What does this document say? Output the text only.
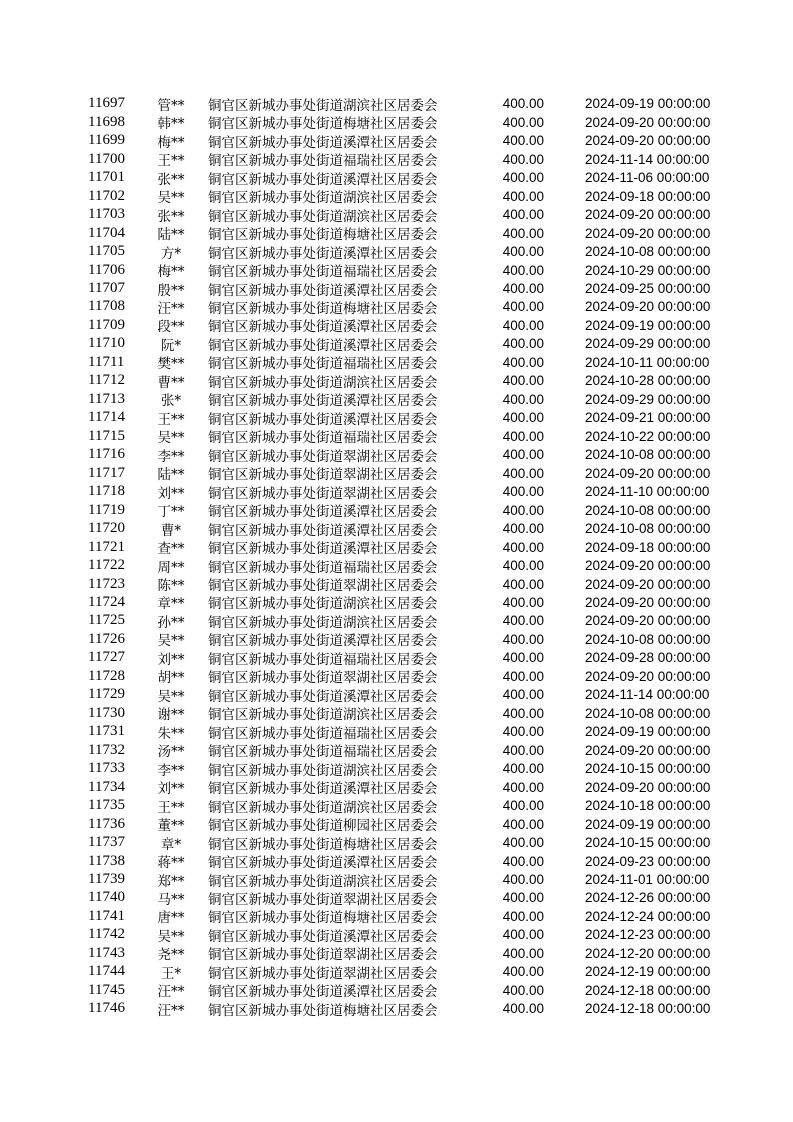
11697	管**	铜官区新城办事处街道湖滨社区居委会	400.00	2024-09-19 00:00:00
11698	韩**	铜官区新城办事处街道梅塘社区居委会	400.00	2024-09-20 00:00:00
11699	梅**	铜官区新城办事处街道溪潭社区居委会	400.00	2024-09-20 00:00:00
11700	王**	铜官区新城办事处街道福瑞社区居委会	400.00	2024-11-14 00:00:00
11701	张**	铜官区新城办事处街道溪潭社区居委会	400.00	2024-11-06 00:00:00
11702	吴**	铜官区新城办事处街道湖滨社区居委会	400.00	2024-09-18 00:00:00
11703	张**	铜官区新城办事处街道湖滨社区居委会	400.00	2024-09-20 00:00:00
11704	陆**	铜官区新城办事处街道梅塘社区居委会	400.00	2024-09-20 00:00:00
11705	方*	铜官区新城办事处街道溪潭社区居委会	400.00	2024-10-08 00:00:00
11706	梅**	铜官区新城办事处街道福瑞社区居委会	400.00	2024-10-29 00:00:00
11707	殷**	铜官区新城办事处街道溪潭社区居委会	400.00	2024-09-25 00:00:00
11708	汪**	铜官区新城办事处街道梅塘社区居委会	400.00	2024-09-20 00:00:00
11709	段**	铜官区新城办事处街道溪潭社区居委会	400.00	2024-09-19 00:00:00
11710	阮*	铜官区新城办事处街道溪潭社区居委会	400.00	2024-09-29 00:00:00
11711	樊**	铜官区新城办事处街道福瑞社区居委会	400.00	2024-10-11 00:00:00
11712	曹**	铜官区新城办事处街道湖滨社区居委会	400.00	2024-10-28 00:00:00
11713	张*	铜官区新城办事处街道溪潭社区居委会	400.00	2024-09-29 00:00:00
11714	王**	铜官区新城办事处街道溪潭社区居委会	400.00	2024-09-21 00:00:00
11715	吴**	铜官区新城办事处街道福瑞社区居委会	400.00	2024-10-22 00:00:00
11716	李**	铜官区新城办事处街道翠湖社区居委会	400.00	2024-10-08 00:00:00
11717	陆**	铜官区新城办事处街道翠湖社区居委会	400.00	2024-09-20 00:00:00
11718	刘**	铜官区新城办事处街道翠湖社区居委会	400.00	2024-11-10 00:00:00
11719	丁**	铜官区新城办事处街道溪潭社区居委会	400.00	2024-10-08 00:00:00
11720	曹*	铜官区新城办事处街道溪潭社区居委会	400.00	2024-10-08 00:00:00
11721	查**	铜官区新城办事处街道溪潭社区居委会	400.00	2024-09-18 00:00:00
11722	周**	铜官区新城办事处街道福瑞社区居委会	400.00	2024-09-20 00:00:00
11723	陈**	铜官区新城办事处街道翠湖社区居委会	400.00	2024-09-20 00:00:00
11724	章**	铜官区新城办事处街道湖滨社区居委会	400.00	2024-09-20 00:00:00
11725	孙**	铜官区新城办事处街道湖滨社区居委会	400.00	2024-09-20 00:00:00
11726	吴**	铜官区新城办事处街道溪潭社区居委会	400.00	2024-10-08 00:00:00
11727	刘**	铜官区新城办事处街道福瑞社区居委会	400.00	2024-09-28 00:00:00
11728	胡**	铜官区新城办事处街道翠湖社区居委会	400.00	2024-09-20 00:00:00
11729	吴**	铜官区新城办事处街道溪潭社区居委会	400.00	2024-11-14 00:00:00
11730	谢**	铜官区新城办事处街道湖滨社区居委会	400.00	2024-10-08 00:00:00
11731	朱**	铜官区新城办事处街道福瑞社区居委会	400.00	2024-09-19 00:00:00
11732	汤**	铜官区新城办事处街道福瑞社区居委会	400.00	2024-09-20 00:00:00
11733	李**	铜官区新城办事处街道湖滨社区居委会	400.00	2024-10-15 00:00:00
11734	刘**	铜官区新城办事处街道溪潭社区居委会	400.00	2024-09-20 00:00:00
11735	王**	铜官区新城办事处街道湖滨社区居委会	400.00	2024-10-18 00:00:00
11736	董**	铜官区新城办事处街道柳园社区居委会	400.00	2024-09-19 00:00:00
11737	章*	铜官区新城办事处街道梅塘社区居委会	400.00	2024-10-15 00:00:00
11738	蒋**	铜官区新城办事处街道溪潭社区居委会	400.00	2024-09-23 00:00:00
11739	郑**	铜官区新城办事处街道湖滨社区居委会	400.00	2024-11-01 00:00:00
11740	马**	铜官区新城办事处街道翠湖社区居委会	400.00	2024-12-26 00:00:00
11741	唐**	铜官区新城办事处街道梅塘社区居委会	400.00	2024-12-24 00:00:00
11742	吴**	铜官区新城办事处街道溪潭社区居委会	400.00	2024-12-23 00:00:00
11743	尧**	铜官区新城办事处街道翠湖社区居委会	400.00	2024-12-20 00:00:00
11744	王*	铜官区新城办事处街道翠湖社区居委会	400.00	2024-12-19 00:00:00
11745	汪**	铜官区新城办事处街道溪潭社区居委会	400.00	2024-12-18 00:00:00
11746	汪**	铜官区新城办事处街道梅塘社区居委会	400.00	2024-12-18 00:00:00
